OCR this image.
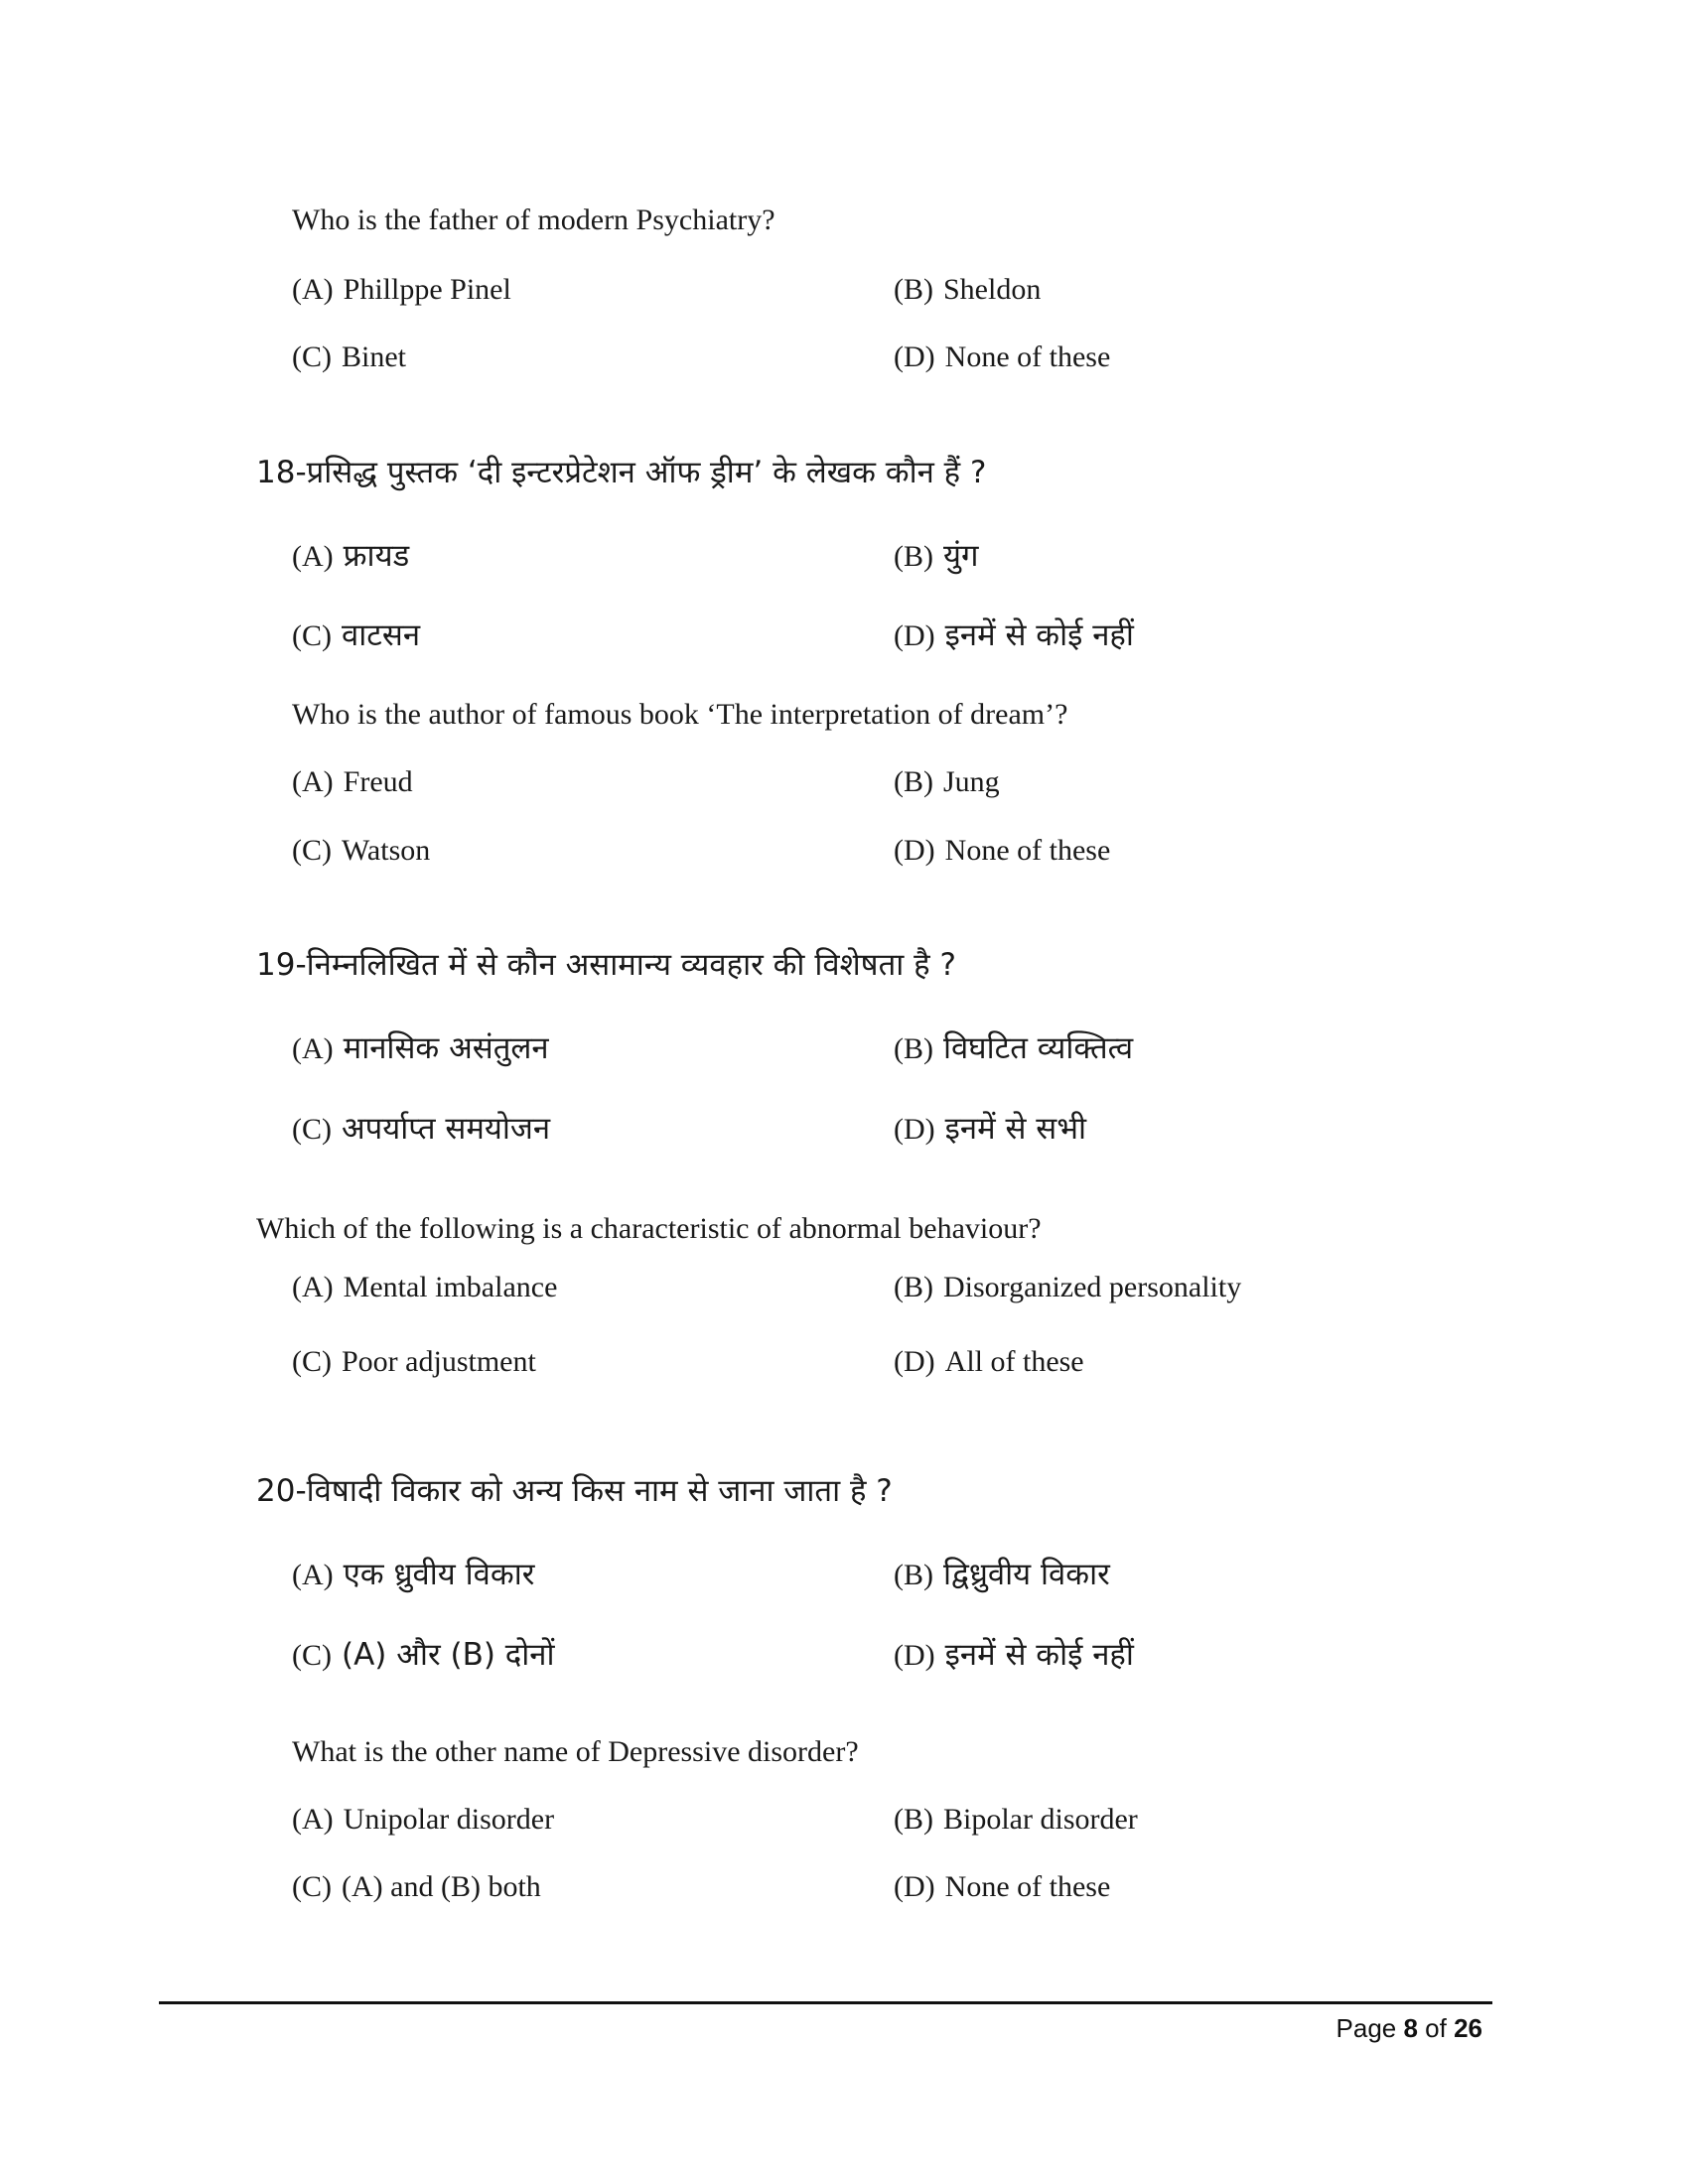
Who is the father of modern Psychiatry?
(A) Phillppe Pinel	(B) Sheldon
(C) Binet	(D) None of these
18-प्रसिद्ध पुस्तक ‘दी इन्टरप्रेटेशन ऑफ ड्रीम’ के लेखक कौन हैं ?
(A) फ्रायड	(B) युंग
(C) वाटसन	(D) इनमें से कोई नहीं
Who is the author of famous book ‘The interpretation of dream’?
(A) Freud	(B) Jung
(C) Watson	(D) None of these
19-निम्नलिखित में से कौन असामान्य व्यवहार की विशेषता है ?
(A) मानसिक असंतुलन	(B) विघटित व्यक्तित्व
(C) अपर्याप्त समयोजन	(D) इनमें से सभी
Which of the following is a characteristic of abnormal behaviour?
(A) Mental imbalance	(B) Disorganized personality
(C) Poor adjustment	(D) All of these
20-विषादी विकार को अन्य किस नाम से जाना जाता है ?
(A) एक ध्रुवीय विकार	(B) द्विध्रुवीय विकार
(C) (A) और (B) दोनों	(D) इनमें से कोई नहीं
What is the other name of Depressive disorder?
(A) Unipolar disorder	(B) Bipolar disorder
(C) (A) and (B) both	(D) None of these
Page 8 of 26
